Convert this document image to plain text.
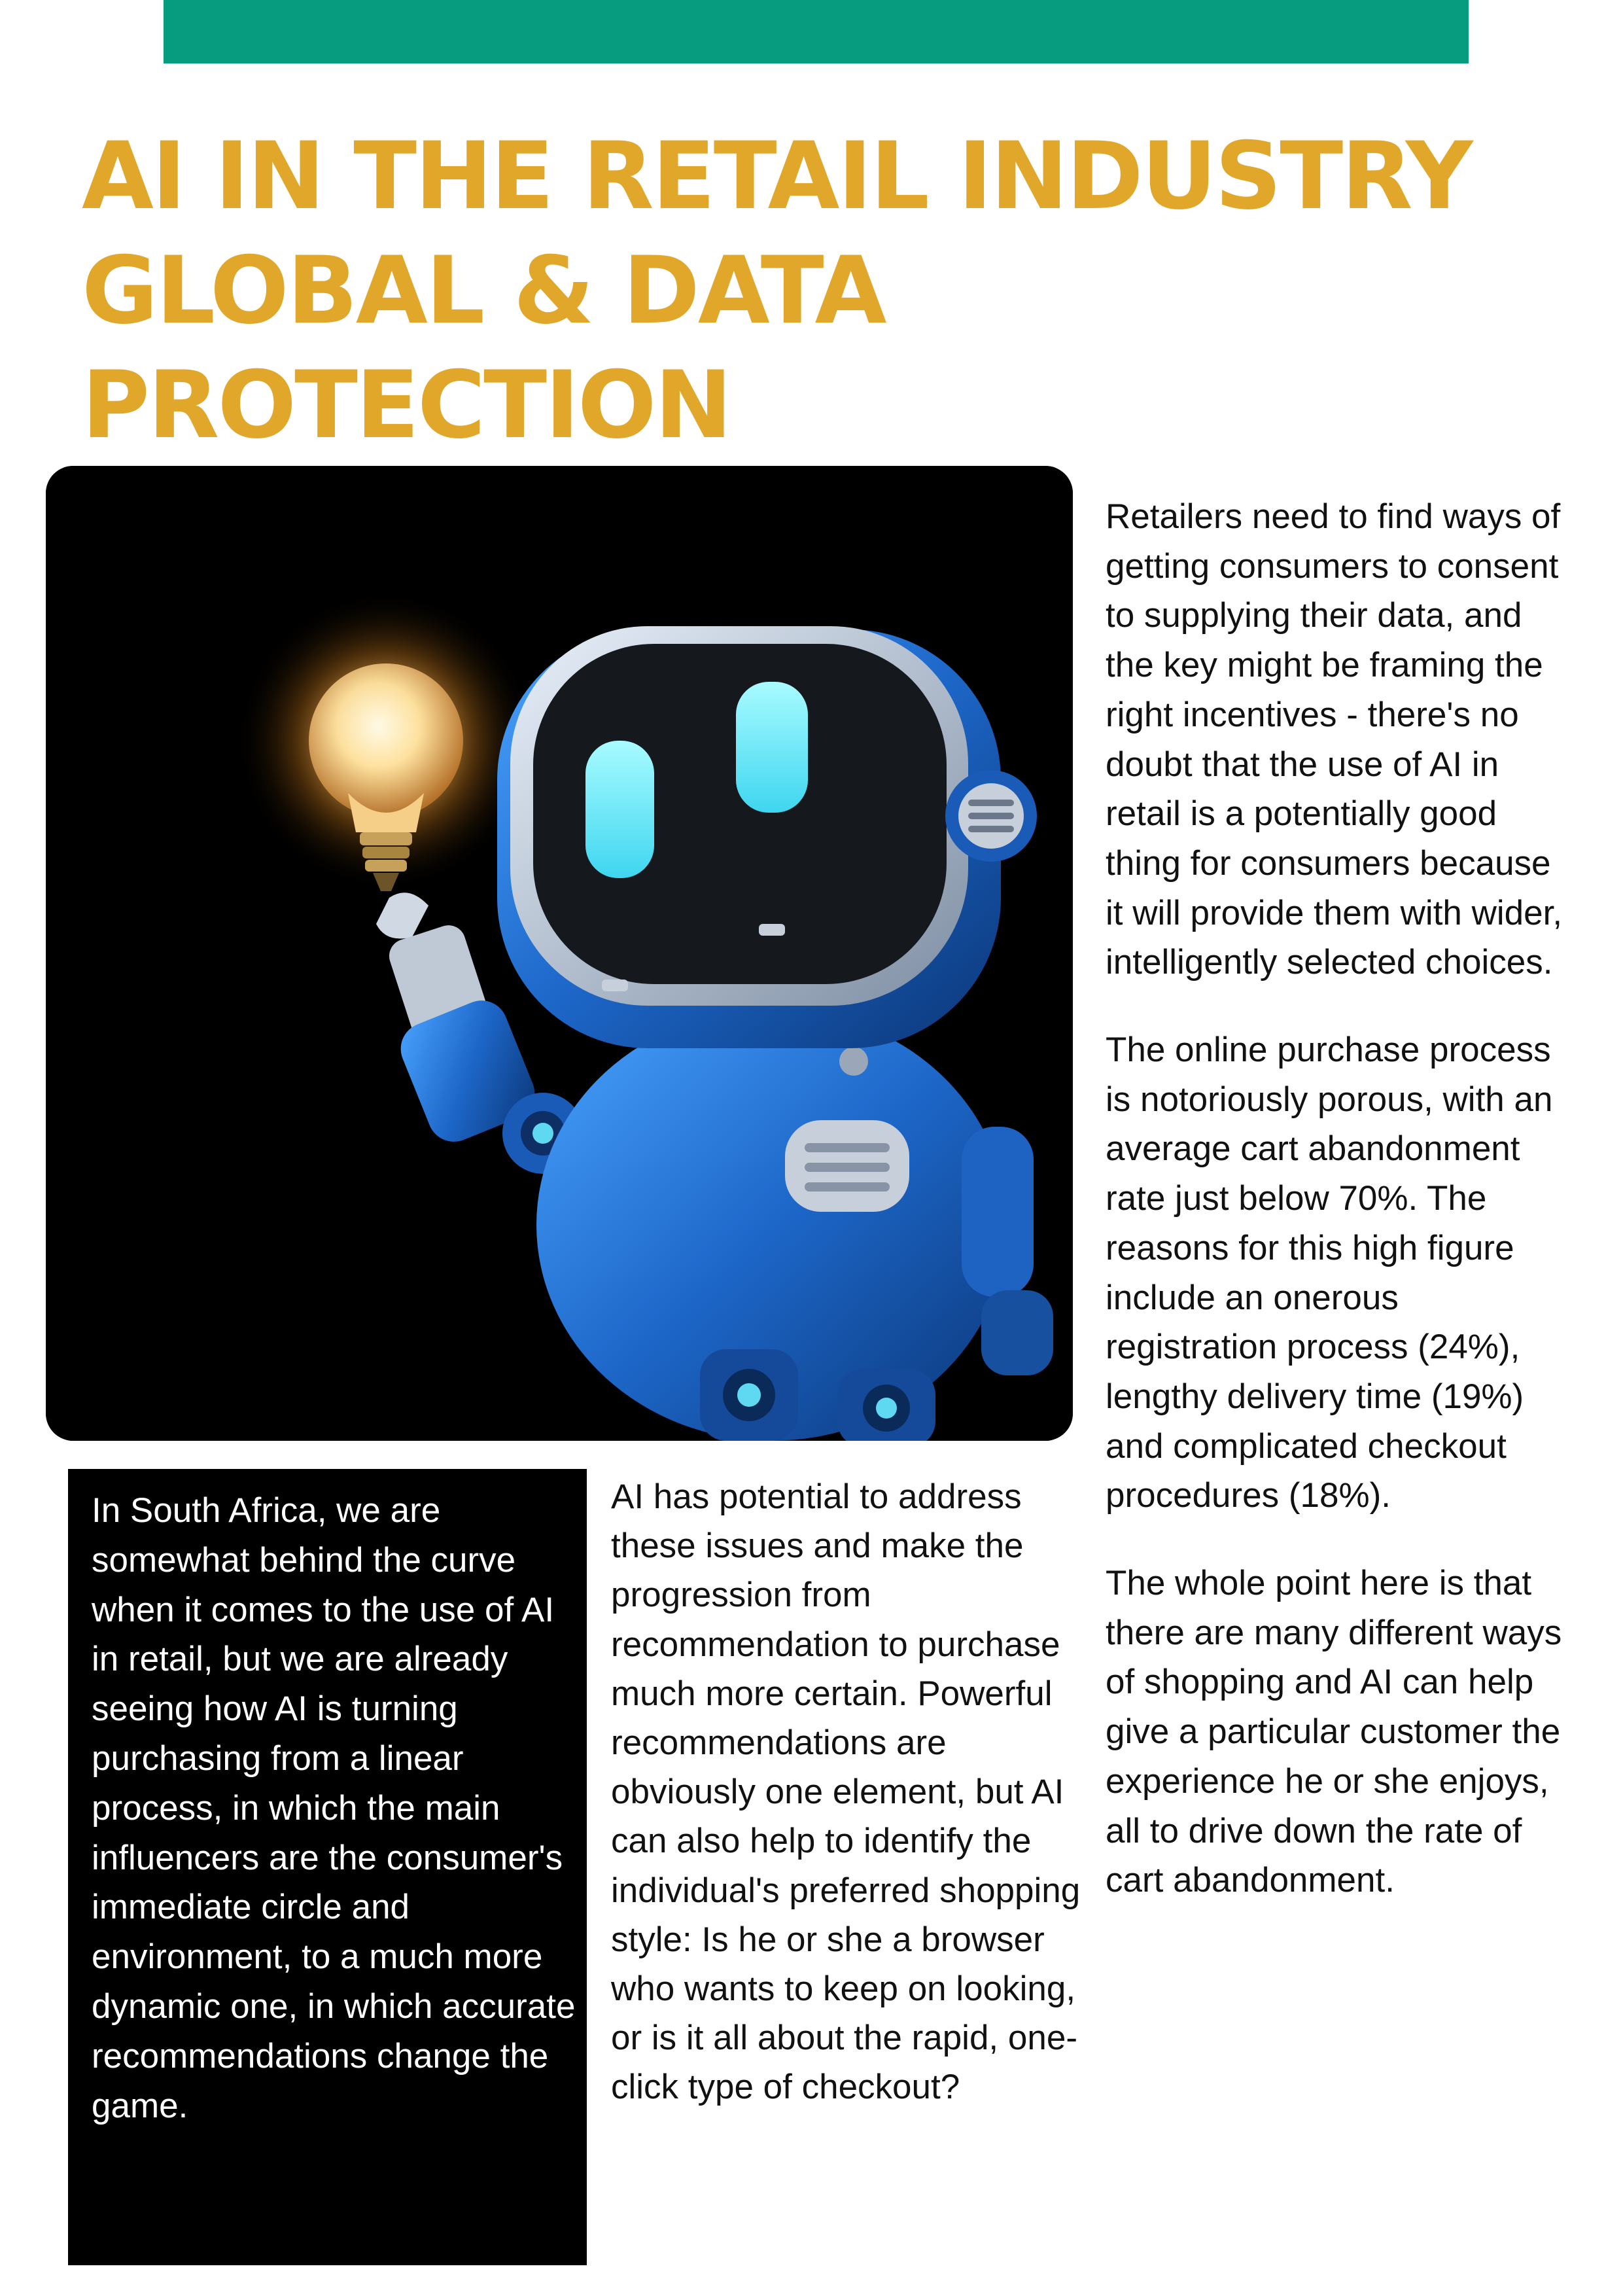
AI IN THE RETAIL INDUSTRY
GLOBAL & DATA
PROTECTION

Retailers need to find ways of getting consumers to consent to supplying their data, and the key might be framing the right incentives - there's no doubt that the use of AI in retail is a potentially good thing for consumers because it will provide them with wider, intelligently selected choices.

The online purchase process is notoriously porous, with an average cart abandonment rate just below 70%. The reasons for this high figure include an onerous registration process (24%), lengthy delivery time (19%) and complicated checkout procedures (18%).

The whole point here is that there are many different ways of shopping and AI can help give a particular customer the experience he or she enjoys, all to drive down the rate of cart abandonment.

In South Africa, we are somewhat behind the curve when it comes to the use of AI in retail, but we are already seeing how AI is turning purchasing from a linear process, in which the main influencers are the consumer's immediate circle and environment, to a much more dynamic one, in which accurate recommendations change the game.

AI has potential to address these issues and make the progression from recommendation to purchase much more certain. Powerful recommendations are obviously one element, but AI can also help to identify the individual's preferred shopping style: Is he or she a browser who wants to keep on looking, or is it all about the rapid, one-click type of checkout?
